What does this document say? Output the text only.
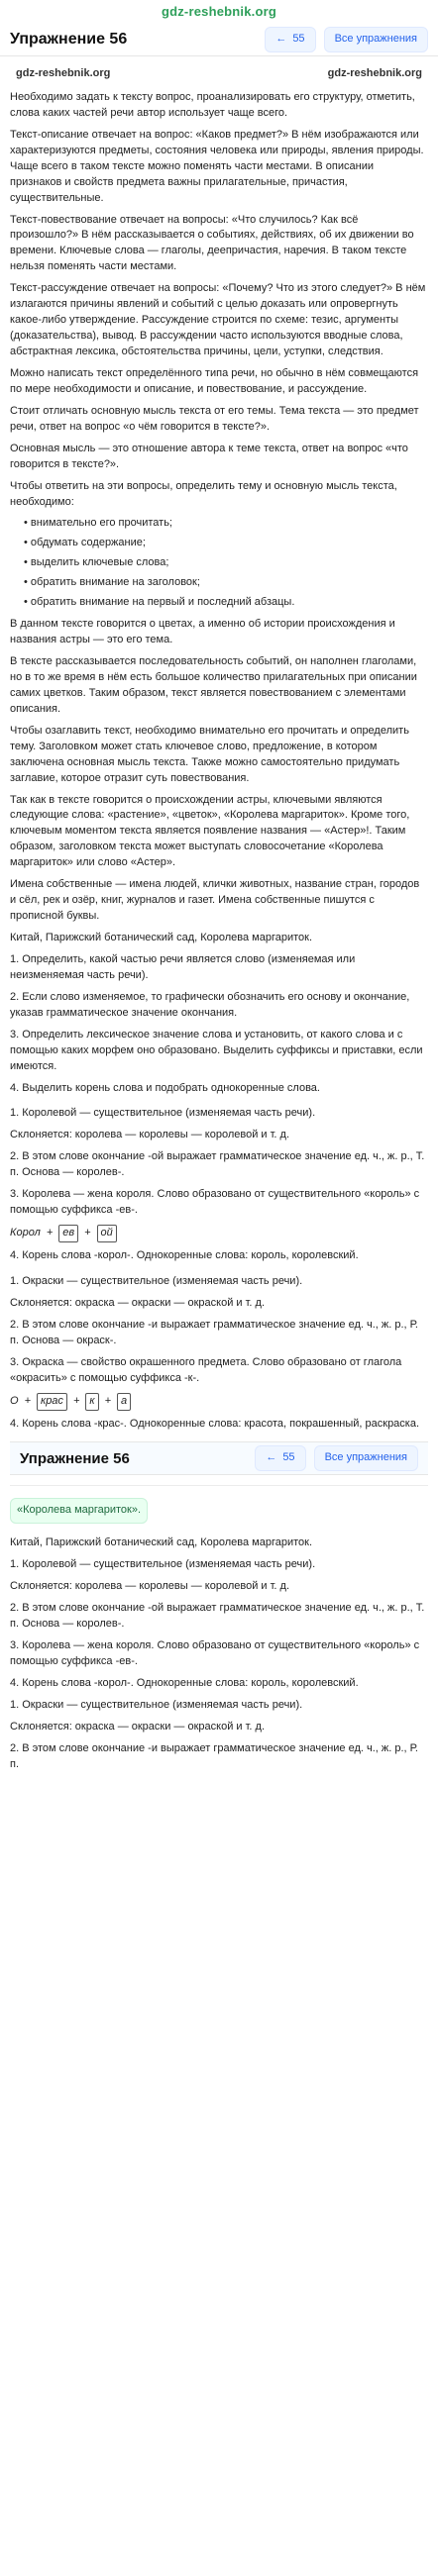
gdz-reshebnik.org
Упражнение 56	← 55	Все упражнения
gdz-reshebnik.org	gdz-reshebnik.org
Необходимо задать к тексту вопрос, проанализировать его структуру, отметить, слова каких частей речи автор использует чаще всего.
Текст-описание отвечает на вопрос: «Каков предмет?» В нём изображаются или характеризуются предметы, состояния человека или природы, явления природы. Чаще всего в таком тексте можно поменять части местами. В описании признаков и свойств предмета важны прилагательные, причастия, существительные.
Текст-повествование отвечает на вопросы: «Что случилось? Как всё произошло?» В нём рассказывается о событиях, действиях, об их движении во времени. Ключевые слова — глаголы, деепричастия, наречия. В таком тексте нельзя поменять части местами.
Текст-рассуждение отвечает на вопросы: «Почему? Что из этого следует?» В нём излагаются причины явлений и событий с целью доказать или опровергнуть какое-либо утверждение. Рассуждение строится по схеме: тезис, аргументы (доказательства), вывод. В рассуждении часто используются вводные слова, абстрактная лексика, обстоятельства причины, цели, уступки, следствия.
Можно написать текст определённого типа речи, но обычно в нём совмещаются по мере необходимости и описание, и повествование, и рассуждение.
Стоит отличать основную мысль текста от его темы. Тема текста — это предмет речи, ответ на вопрос «о чём говорится в тексте?».
Основная мысль — это отношение автора к теме текста, ответ на вопрос «что говорится в тексте?».
Чтобы ответить на эти вопросы, определить тему и основную мысль текста, необходимо:
• внимательно его прочитать;
• обдумать содержание;
• выделить ключевые слова;
• обратить внимание на заголовок;
• обратить внимание на первый и последний абзацы.
В данном тексте говорится о цветах, а именно об истории происхождения и названия астры — это его тема.
В тексте рассказывается последовательность событий, он наполнен глаголами, но в то же время в нём есть большое количество прилагательных при описании самих цветков. Таким образом, текст является повествованием с элементами описания.
Чтобы озаглавить текст, необходимо внимательно его прочитать и определить тему. Заголовком может стать ключевое слово, предложение, в котором заключена основная мысль текста. Также можно самостоятельно придумать заглавие, которое отразит суть повествования.
Так как в тексте говорится о происхождении астры, ключевыми являются следующие слова: «растение», «цветок», «Королева маргариток». Кроме того, ключевым моментом текста является появление названия — «Астер»!. Таким образом, заголовком текста может выступать словосочетание «Королева маргариток» или слово «Астер».
Имена собственные — имена людей, клички животных, название стран, городов и сёл, рек и озёр, книг, журналов и газет. Имена собственные пишутся с прописной буквы.
Китай, Парижский ботанический сад, Королева маргариток.
1. Определить, какой частью речи является слово (изменяемая или неизменяемая часть речи).
2. Если слово изменяемое, то графически обозначить его основу и окончание, указав грамматическое значение окончания.
3. Определить лексическое значение слова и установить, от какого слова и с помощью каких морфем оно образовано. Выделить суффиксы и приставки, если имеются.
4. Выделить корень слова и подобрать однокоренные слова.
1. Королевой — существительное (изменяемая часть речи).
Склоняется: королева — королевы — королевой и т. д.
2. В этом слове окончание -ой выражает грамматическое значение ед. ч., ж. р., Т. п. Основа — королев-.
3. Королева — жена короля. Слово образовано от существительного «король» с помощью суффикса -ев-.
Корол + ев + ой
4. Корень слова -корол-. Однокоренные слова: король, королевский.
1. Окраски — существительное (изменяемая часть речи).
Склоняется: окраска — окраски — окраской и т. д.
2. В этом слове окончание -и выражает грамматическое значение ед. ч., ж. р., Р. п. Основа — окраск-.
3. Окраска — свойство окрашенного предмета. Слово образовано от глагола «окрасить» с помощью суффикса -к-.
О + крас + к + а
4. Корень слова -крас-. Однокоренные слова: красота, покрашенный, раскраска.
Упражнение 56	← 55	Все упражнения
«Королева маргариток».
Китай, Парижский ботанический сад, Королева маргариток.
1. Королевой — существительное (изменяемая часть речи).
Склоняется: королева — королевы — королевой и т. д.
2. В этом слове окончание -ой выражает грамматическое значение ед. ч., ж. р., Т. п. Основа — королев-.
3. Королева — жена короля. Слово образовано от существительного «король» с помощью суффикса -ев-.
4. Корень слова -корол-. Однокоренные слова: король, королевский.
1. Окраски — существительное (изменяемая часть речи).
Склоняется: окраска — окраски — окраской и т. д.
2. В этом слове окончание -и выражает грамматическое значение ед. ч., ж. р., Р. п.
